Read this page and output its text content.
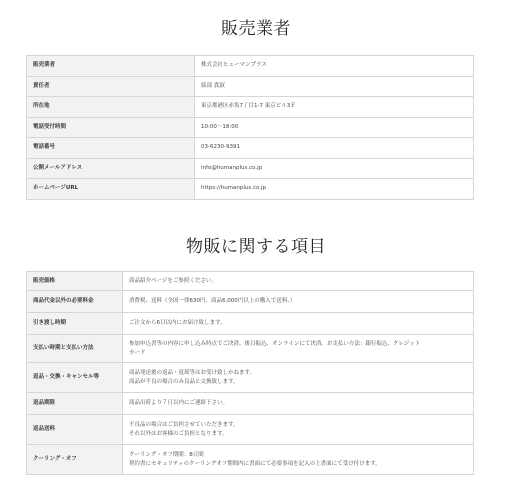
販売業者
販売業者	株式会社ヒューマンプラス
責任者	綾部 貴淑
所在地	東京都港区赤坂7丁目1-7 東京ビル3Ｆ
電話受付時間	10:00〜18:00
電話番号	03-6230-9391
公開メールアドレス	info@humanplus.co.jp
ホームページURL	https://humanplus.co.jp
物販に関する項目
販売価格	商品紹介ページをご参照ください。

商品代金以外の必要料金	消費税、送料（全国一律630円、商品6,000円以上の購入で送料、）

引き渡し時期	ご注文から6日以内にお届け致します。

支払い時期と支払い方法	参加申込書等の内容に申し込み時点でご決済、後日振込、オンラインにて決済。お支払い方法：銀行振込、クレジット
カード

返品・交換・キャンセル等	商品発送後の返品・返却等はお受け致しかねます。
商品が不良の場合のみ良品と交換致します。

返品期限	商品出荷より７日以内にご連絡下さい。

返品送料	不良品の場合はご負担させていただきます。
それ以外はお客様のご負担となります。

クーリング・オフ	クーリング・オフ期間：8日間
契約書にセキュリティのクーリングオフ期間内に書面にて必要事項を記入の上書面にて受け付けます。
